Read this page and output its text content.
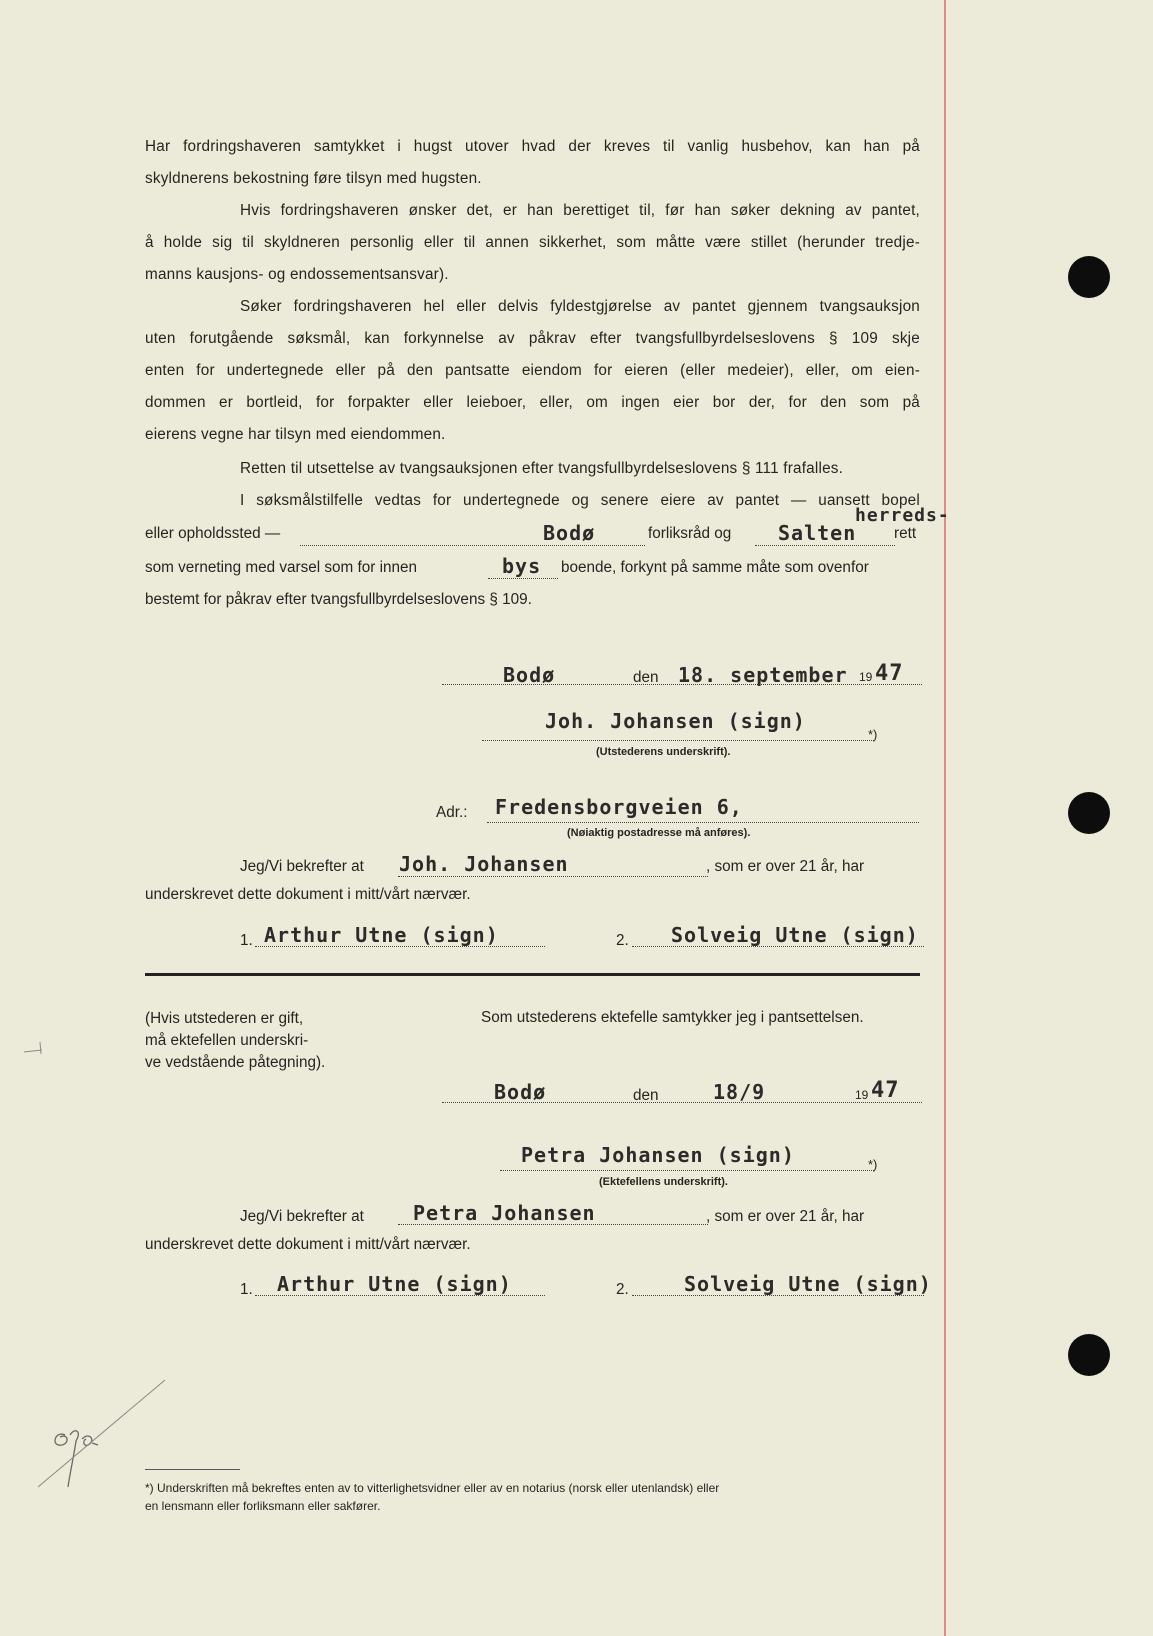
Har fordringshaveren samtykket i hugst utover hvad der kreves til vanlig husbehov, kan han på
skyldnerens bekostning føre tilsyn med hugsten.
Hvis fordringshaveren ønsker det, er han berettiget til, før han søker dekning av pantet,
å holde sig til skyldneren personlig eller til annen sikkerhet, som måtte være stillet (herunder tredje-
manns kausjons- og endossementsansvar).
Søker fordringshaveren hel eller delvis fyldestgjørelse av pantet gjennem tvangsauksjon
uten forutgående søksmål, kan forkynnelse av påkrav efter tvangsfullbyrdelseslovens § 109 skje
enten for undertegnede eller på den pantsatte eiendom for eieren (eller medeier), eller, om eien-
dommen er bortleid, for forpakter eller leieboer, eller, om ingen eier bor der, for den som på
eierens vegne har tilsyn med eiendommen.
Retten til utsettelse av tvangsauksjonen efter tvangsfullbyrdelseslovens § 111 frafalles.
I søksmålstilfelle vedtas for undertegnede og senere eiere av pantet — uansett bopel
eller opholdssted —	Bodø	forliksråd og Salten
herreds-
rett
som verneting med varsel som for innen	bys boende, forkynt på samme måte som ovenfor
bestemt for påkrav efter tvangsfullbyrdelseslovens § 109.
Bodø	den 18. september 19 47
Joh. Johansen (sign)
*)
(Utstederens underskrift).
Adr.: Fredensborgveien 6,
(Nøiaktig postadresse må anføres).
Jeg/Vi bekrefter at Joh. Johansen	, som er over 21 år, har
underskrevet dette dokument i mitt/vårt nærvær.
1. Arthur Utne (sign)	2. Solveig Utne (sign)
(Hvis utstederen er gift,
må ektefellen underskri-
ve vedstående påtegning).
Som utstederens ektefelle samtykker jeg i pantsettelsen.
Bodø	den	18/9	19 47
Petra Johansen (sign)	*)
(Ektefellens underskrift).
Jeg/Vi bekrefter at Petra Johansen	, som er over 21 år, har
underskrevet dette dokument i mitt/vårt nærvær.
1. Arthur Utne (sign)	2.	Solveig Utne (sign)
*) Underskriften må bekreftes enten av to vitterlighetsvidner eller av en notarius (norsk eller utenlandsk) eller
en lensmann eller forliksmann eller sakfører.
